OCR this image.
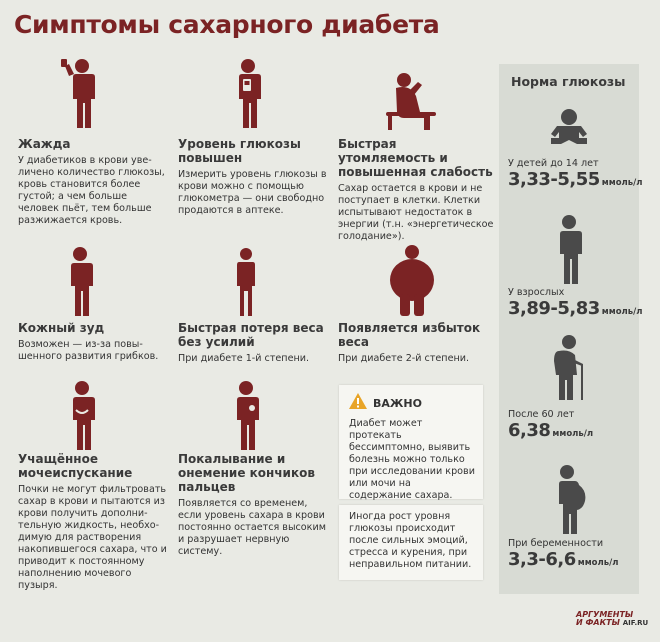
Симптомы сахарного диабета
Жажда
У диабетиков в крови увеличено количество глюкозы, кровь становится более густой; а чем больше человек пьёт, тем больше разжижается кровь.
Уровень глюкозы повышен
Измерить уровень глюкозы в крови можно с помощью глюкометра — они свободно продаются в аптеке.
Быстрая утомляемость и повышенная слабость
Сахар остается в крови и не поступает в клетки. Клетки испытывают недостаток в энергии (т.н. «энергетическое голодание»).
Кожный зуд
Возможен — из-за повышенного развития грибков.
Быстрая потеря веса без усилий
При диабете 1-й степени.
Появляется избыток веса
При диабете 2-й степени.
Учащённое мочеиспускание
Почки не могут фильтровать сахар в крови и пытаются из крови получить дополнительную жидкость, необходимую для растворения накопившегося сахара, что и приводит к постоянному наполнению мочевого пузыря.
Покалывание и онемение кончиков пальцев
Появляется со временем, если уровень сахара в крови постоянно остается высоким и разрушает нервную систему.
ВАЖНО
Диабет может протекать бессимптомно, выявить болезнь можно только при исследовании крови или мочи на содержание сахара.
Иногда рост уровня глюкозы происходит после сильных эмоций, стресса и курения, при неправильном питании.
Норма глюкозы
У детей до 14 лет
3,33-5,55 ммоль/л
У взрослых
3,89-5,83 ммоль/л
После 60 лет
6,38 ммоль/л
При беременности
3,3-6,6 ммоль/л
АРГУМЕНТЫ
И ФАКТЫ AIF.RU
